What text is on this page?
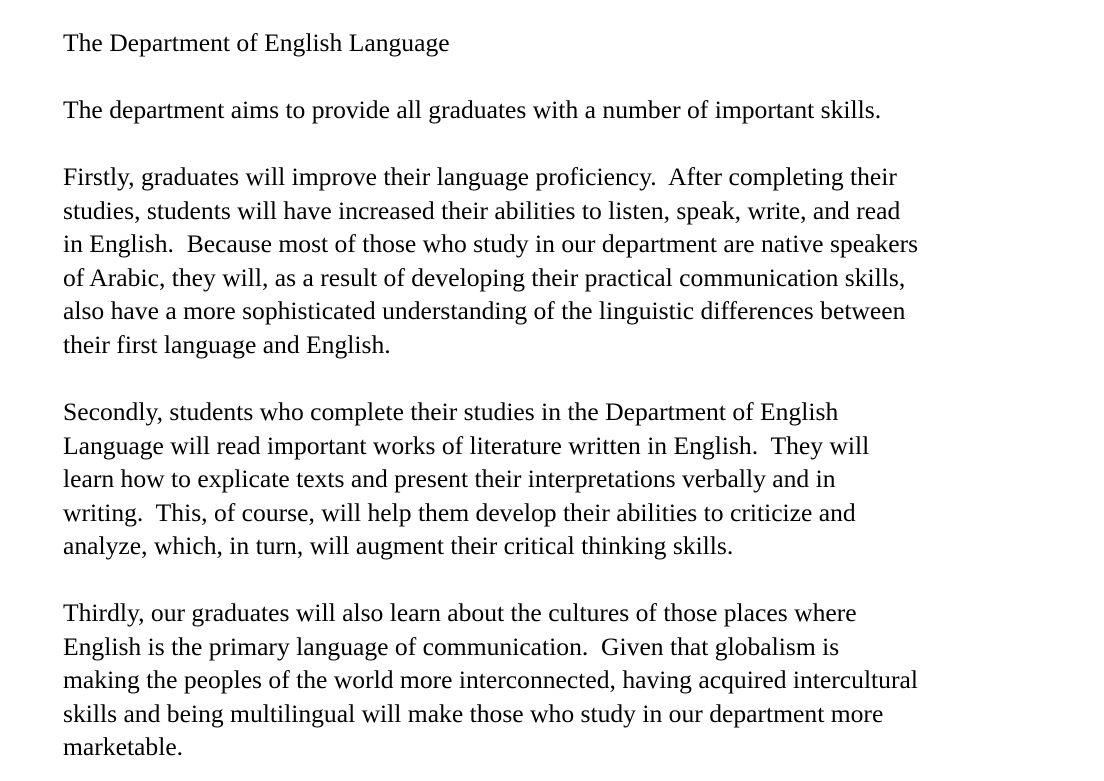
The Department of English Language
The department aims to provide all graduates with a number of important skills.
Firstly, graduates will improve their language proficiency.  After completing their
studies, students will have increased their abilities to listen, speak, write, and read
in English.  Because most of those who study in our department are native speakers
of Arabic, they will, as a result of developing their practical communication skills,
also have a more sophisticated understanding of the linguistic differences between
their first language and English.
Secondly, students who complete their studies in the Department of English
Language will read important works of literature written in English.  They will
learn how to explicate texts and present their interpretations verbally and in
writing.  This, of course, will help them develop their abilities to criticize and
analyze, which, in turn, will augment their critical thinking skills.
Thirdly, our graduates will also learn about the cultures of those places where
English is the primary language of communication.  Given that globalism is
making the peoples of the world more interconnected, having acquired intercultural
skills and being multilingual will make those who study in our department more
marketable.
